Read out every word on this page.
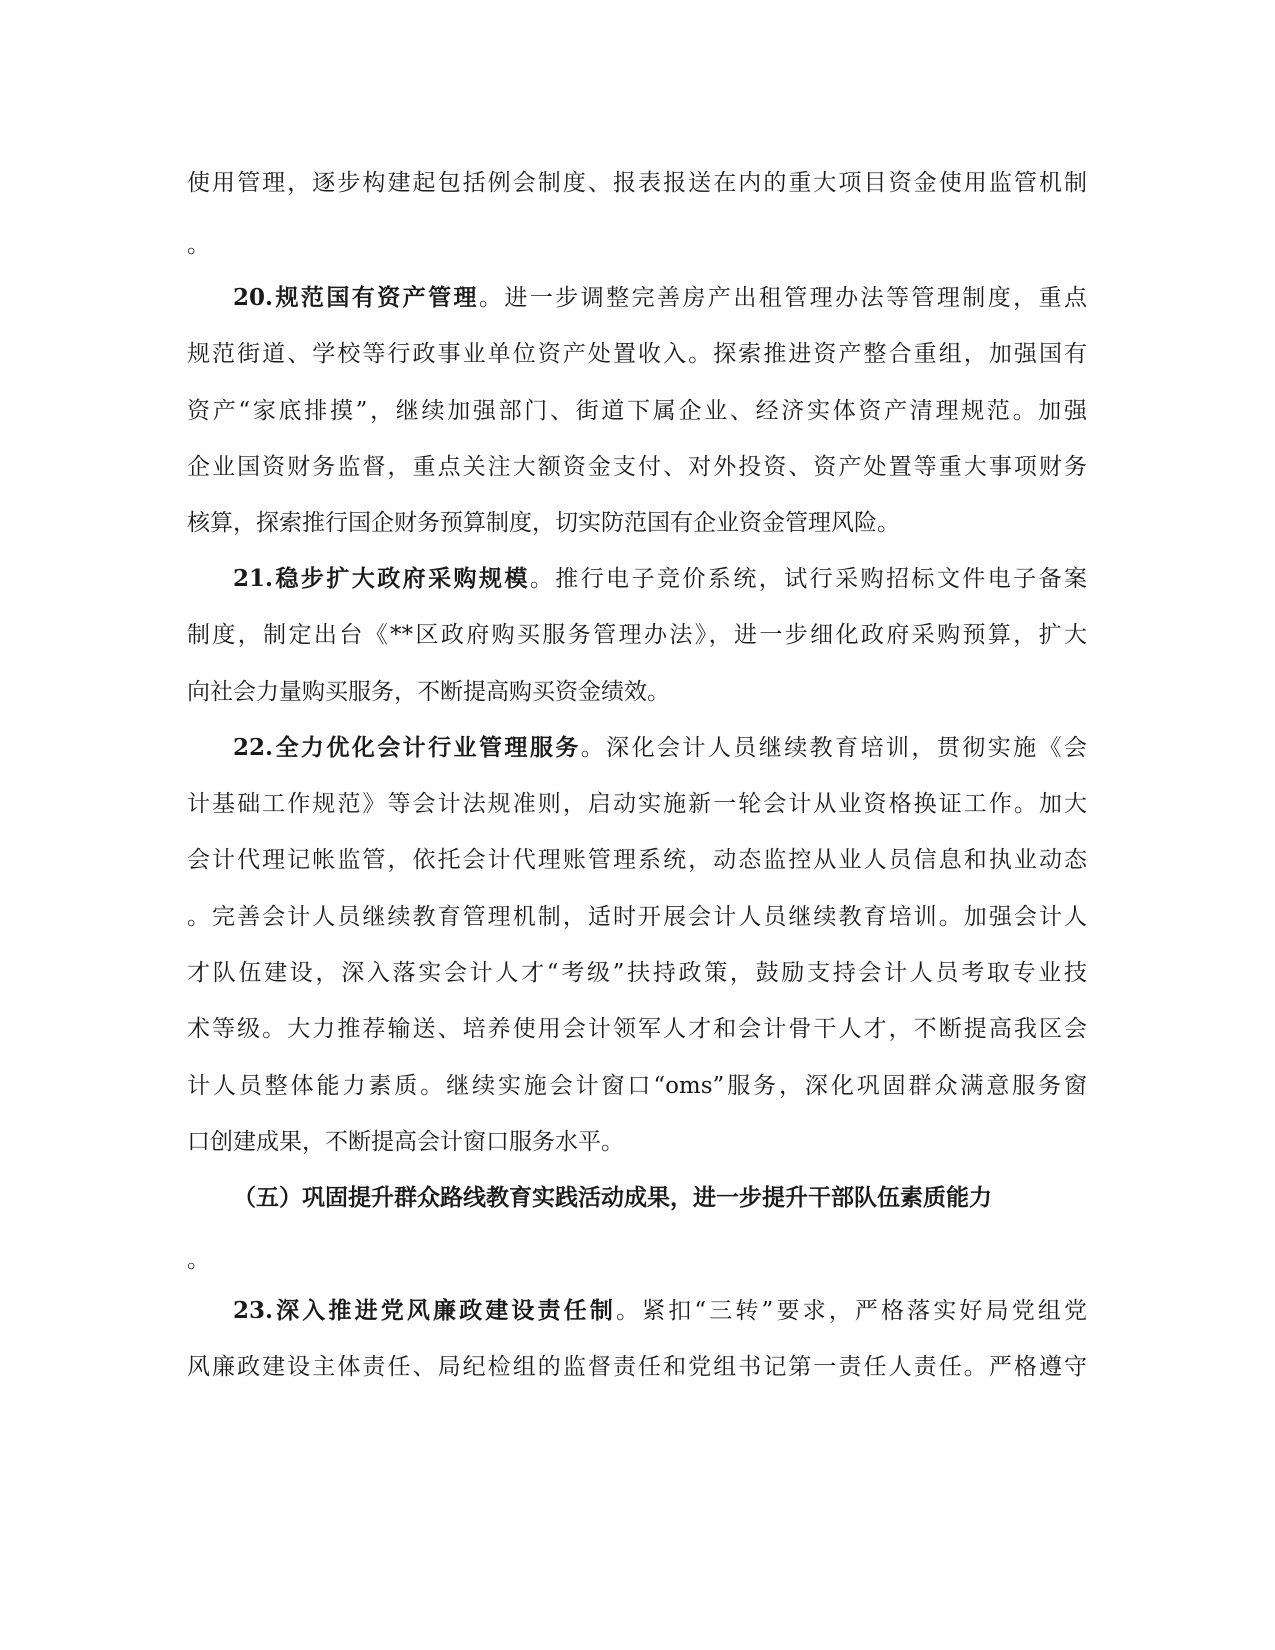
使用管理，逐步构建起包括例会制度、报表报送在内的重大项目资金使用监管机制
。
20.规范国有资产管理。进一步调整完善房产出租管理办法等管理制度，重点
规范街道、学校等行政事业单位资产处置收入。探索推进资产整合重组，加强国有
资产“家底排摸”，继续加强部门、街道下属企业、经济实体资产清理规范。加强
企业国资财务监督，重点关注大额资金支付、对外投资、资产处置等重大事项财务
核算，探索推行国企财务预算制度，切实防范国有企业资金管理风险。
21.稳步扩大政府采购规模。推行电子竞价系统，试行采购招标文件电子备案
制度，制定出台《**区政府购买服务管理办法》，进一步细化政府采购预算，扩大
向社会力量购买服务，不断提高购买资金绩效。
22.全力优化会计行业管理服务。深化会计人员继续教育培训，贯彻实施《会
计基础工作规范》等会计法规准则，启动实施新一轮会计从业资格换证工作。加大
会计代理记帐监管，依托会计代理账管理系统，动态监控从业人员信息和执业动态
。完善会计人员继续教育管理机制，适时开展会计人员继续教育培训。加强会计人
才队伍建设，深入落实会计人才“考级”扶持政策，鼓励支持会计人员考取专业技
术等级。大力推荐输送、培养使用会计领军人才和会计骨干人才，不断提高我区会
计人员整体能力素质。继续实施会计窗口“oms”服务，深化巩固群众满意服务窗
口创建成果，不断提高会计窗口服务水平。
（五）巩固提升群众路线教育实践活动成果，进一步提升干部队伍素质能力
。
23.深入推进党风廉政建设责任制。紧扣“三转”要求，严格落实好局党组党
风廉政建设主体责任、局纪检组的监督责任和党组书记第一责任人责任。严格遵守
